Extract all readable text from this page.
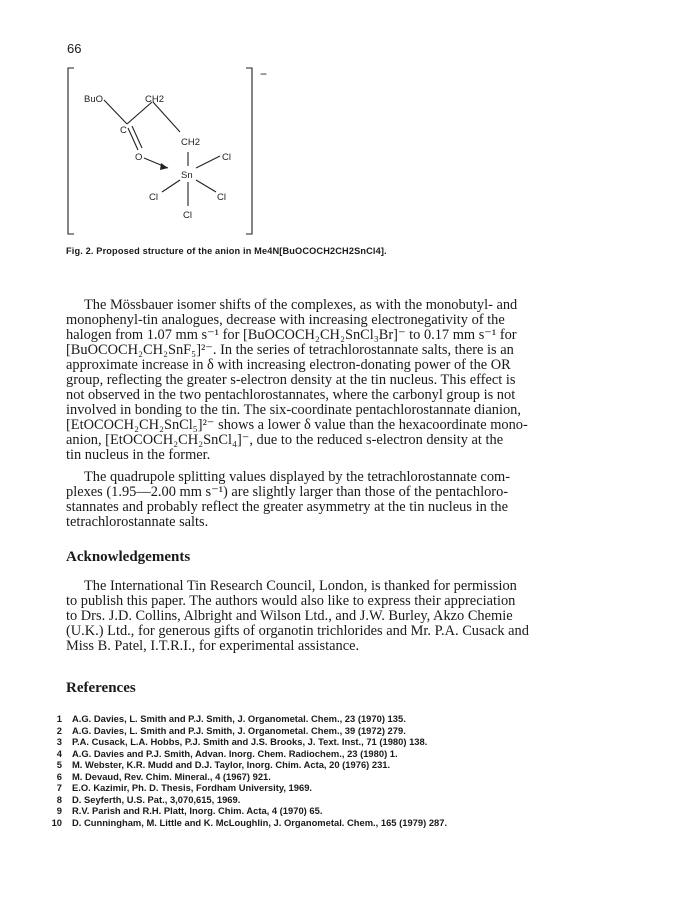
66
BuO	CH2
C
CH2
O
Sn
Cl
Cl	Cl
Cl
−
Fig. 2. Proposed structure of the anion in Me4N[BuOCOCH2CH2SnCl4].
The Mössbauer isomer shifts of the complexes, as with the monobutyl- and
monophenyl-tin analogues, decrease with increasing electronegativity of the
halogen from 1.07 mm s⁻¹ for [BuOCOCH₂CH₂SnCl₃Br]⁻ to 0.17 mm s⁻¹ for
[BuOCOCH₂CH₂SnF₅]²⁻. In the series of tetrachlorostannate salts, there is an
approximate increase in δ with increasing electron-donating power of the OR
group, reflecting the greater s-electron density at the tin nucleus. This effect is
not observed in the two pentachlorostannates, where the carbonyl group is not
involved in bonding to the tin. The six-coordinate pentachlorostannate dianion,
[EtOCOCH₂CH₂SnCl₅]²⁻ shows a lower δ value than the hexacoordinate mono-
anion, [EtOCOCH₂CH₂SnCl₄]⁻, due to the reduced s-electron density at the
tin nucleus in the former.
The quadrupole splitting values displayed by the tetrachlorostannate com-
plexes (1.95—2.00 mm s⁻¹) are slightly larger than those of the pentachloro-
stannates and probably reflect the greater asymmetry at the tin nucleus in the
tetrachlorostannate salts.
Acknowledgements
The International Tin Research Council, London, is thanked for permission
to publish this paper. The authors would also like to express their appreciation
to Drs. J.D. Collins, Albright and Wilson Ltd., and J.W. Burley, Akzo Chemie
(U.K.) Ltd., for generous gifts of organotin trichlorides and Mr. P.A. Cusack and
Miss B. Patel, I.T.R.I., for experimental assistance.
References
1 A.G. Davies, L. Smith and P.J. Smith, J. Organometal. Chem., 23 (1970) 135.
2 A.G. Davies, L. Smith and P.J. Smith, J. Organometal. Chem., 39 (1972) 279.
3 P.A. Cusack, L.A. Hobbs, P.J. Smith and J.S. Brooks, J. Text. Inst., 71 (1980) 138.
4 A.G. Davies and P.J. Smith, Advan. Inorg. Chem. Radiochem., 23 (1980) 1.
5 M. Webster, K.R. Mudd and D.J. Taylor, Inorg. Chim. Acta, 20 (1976) 231.
6 M. Devaud, Rev. Chim. Mineral., 4 (1967) 921.
7 E.O. Kazimir, Ph. D. Thesis, Fordham University, 1969.
8 D. Seyferth, U.S. Pat., 3,070,615, 1969.
9 R.V. Parish and R.H. Platt, Inorg. Chim. Acta, 4 (1970) 65.
10 D. Cunningham, M. Little and K. McLoughlin, J. Organometal. Chem., 165 (1979) 287.
